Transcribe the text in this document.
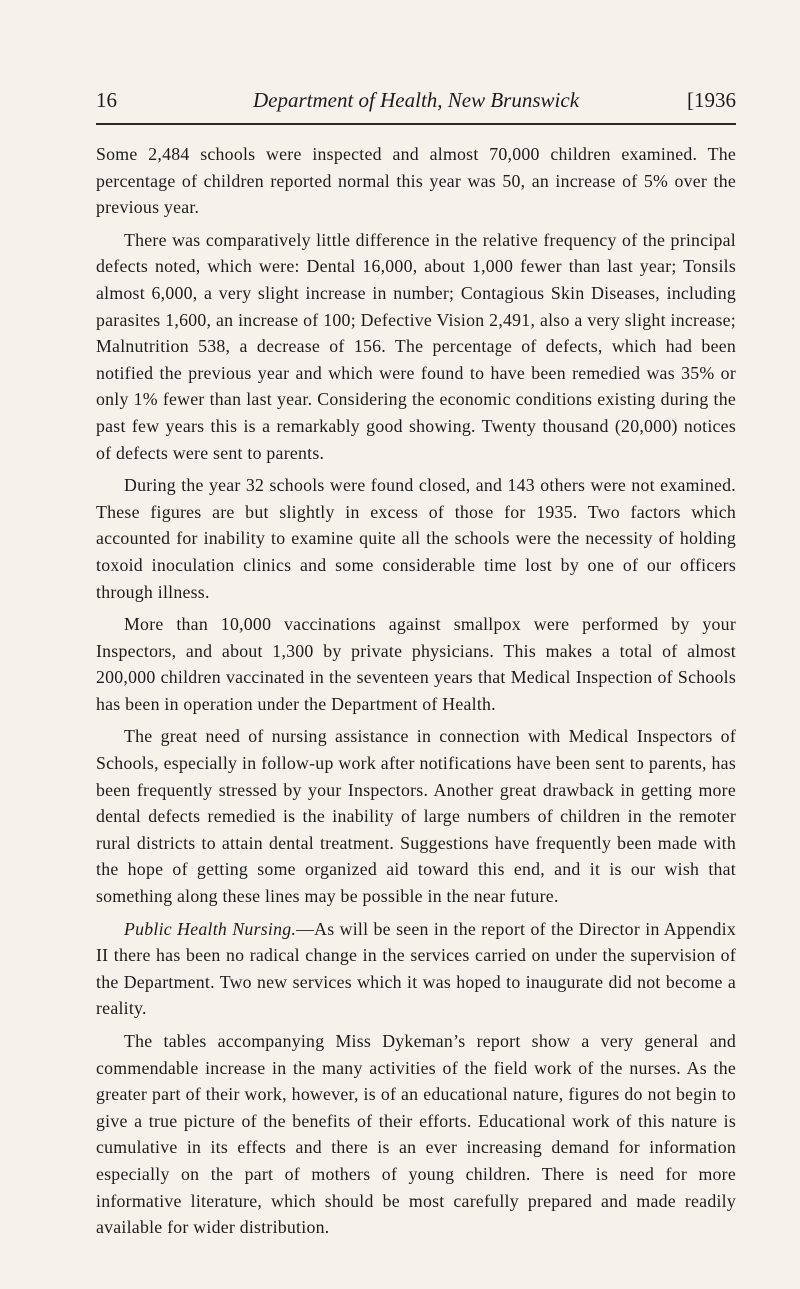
16	Department of Health, New Brunswick	[1936

Some 2,484 schools were inspected and almost 70,000 children examined. The percentage of children reported normal this year was 50, an increase of 5% over the previous year.

There was comparatively little difference in the relative frequency of the principal defects noted, which were: Dental 16,000, about 1,000 fewer than last year; Tonsils almost 6,000, a very slight increase in number; Contagious Skin Diseases, including parasites 1,600, an increase of 100; Defective Vision 2,491, also a very slight increase; Malnutrition 538, a decrease of 156. The percentage of defects, which had been notified the previous year and which were found to have been remedied was 35% or only 1% fewer than last year. Considering the economic conditions existing during the past few years this is a remarkably good showing. Twenty thousand (20,000) notices of defects were sent to parents.

During the year 32 schools were found closed, and 143 others were not examined. These figures are but slightly in excess of those for 1935. Two factors which accounted for inability to examine quite all the schools were the necessity of holding toxoid inoculation clinics and some considerable time lost by one of our officers through illness.

More than 10,000 vaccinations against smallpox were performed by your Inspectors, and about 1,300 by private physicians. This makes a total of almost 200,000 children vaccinated in the seventeen years that Medical Inspection of Schools has been in operation under the Department of Health.

The great need of nursing assistance in connection with Medical Inspectors of Schools, especially in follow-up work after notifications have been sent to parents, has been frequently stressed by your Inspectors. Another great drawback in getting more dental defects remedied is the inability of large numbers of children in the remoter rural districts to attain dental treatment. Suggestions have frequently been made with the hope of getting some organized aid toward this end, and it is our wish that something along these lines may be possible in the near future.

Public Health Nursing.—As will be seen in the report of the Director in Appendix II there has been no radical change in the services carried on under the supervision of the Department. Two new services which it was hoped to inaugurate did not become a reality.

The tables accompanying Miss Dykeman’s report show a very general and commendable increase in the many activities of the field work of the nurses. As the greater part of their work, however, is of an educational nature, figures do not begin to give a true picture of the benefits of their efforts. Educational work of this nature is cumulative in its effects and there is an ever increasing demand for information especially on the part of mothers of young children. There is need for more informative literature, which should be most carefully prepared and made readily available for wider distribution.
